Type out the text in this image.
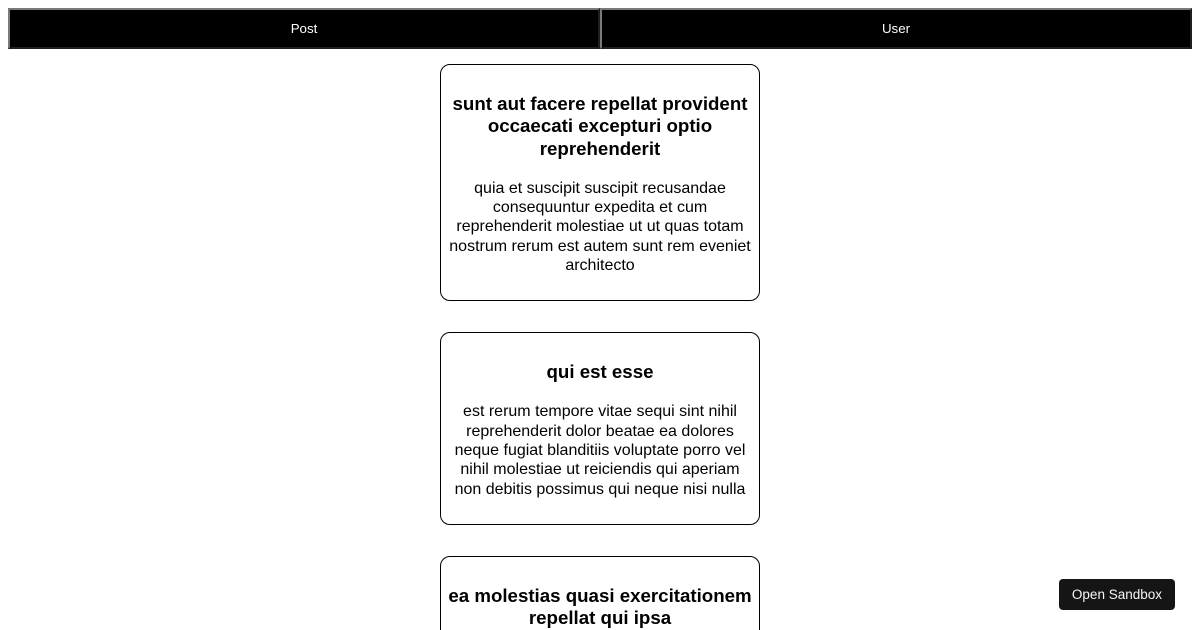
Post	User
sunt aut facere repellat provident occaecati excepturi optio reprehenderit

quia et suscipit suscipit recusandae consequuntur expedita et cum reprehenderit molestiae ut ut quas totam nostrum rerum est autem sunt rem eveniet architecto

qui est esse

est rerum tempore vitae sequi sint nihil reprehenderit dolor beatae ea dolores neque fugiat blanditiis voluptate porro vel nihil molestiae ut reiciendis qui aperiam non debitis possimus qui neque nisi nulla

ea molestias quasi exercitationem repellat qui ipsa
Open Sandbox
